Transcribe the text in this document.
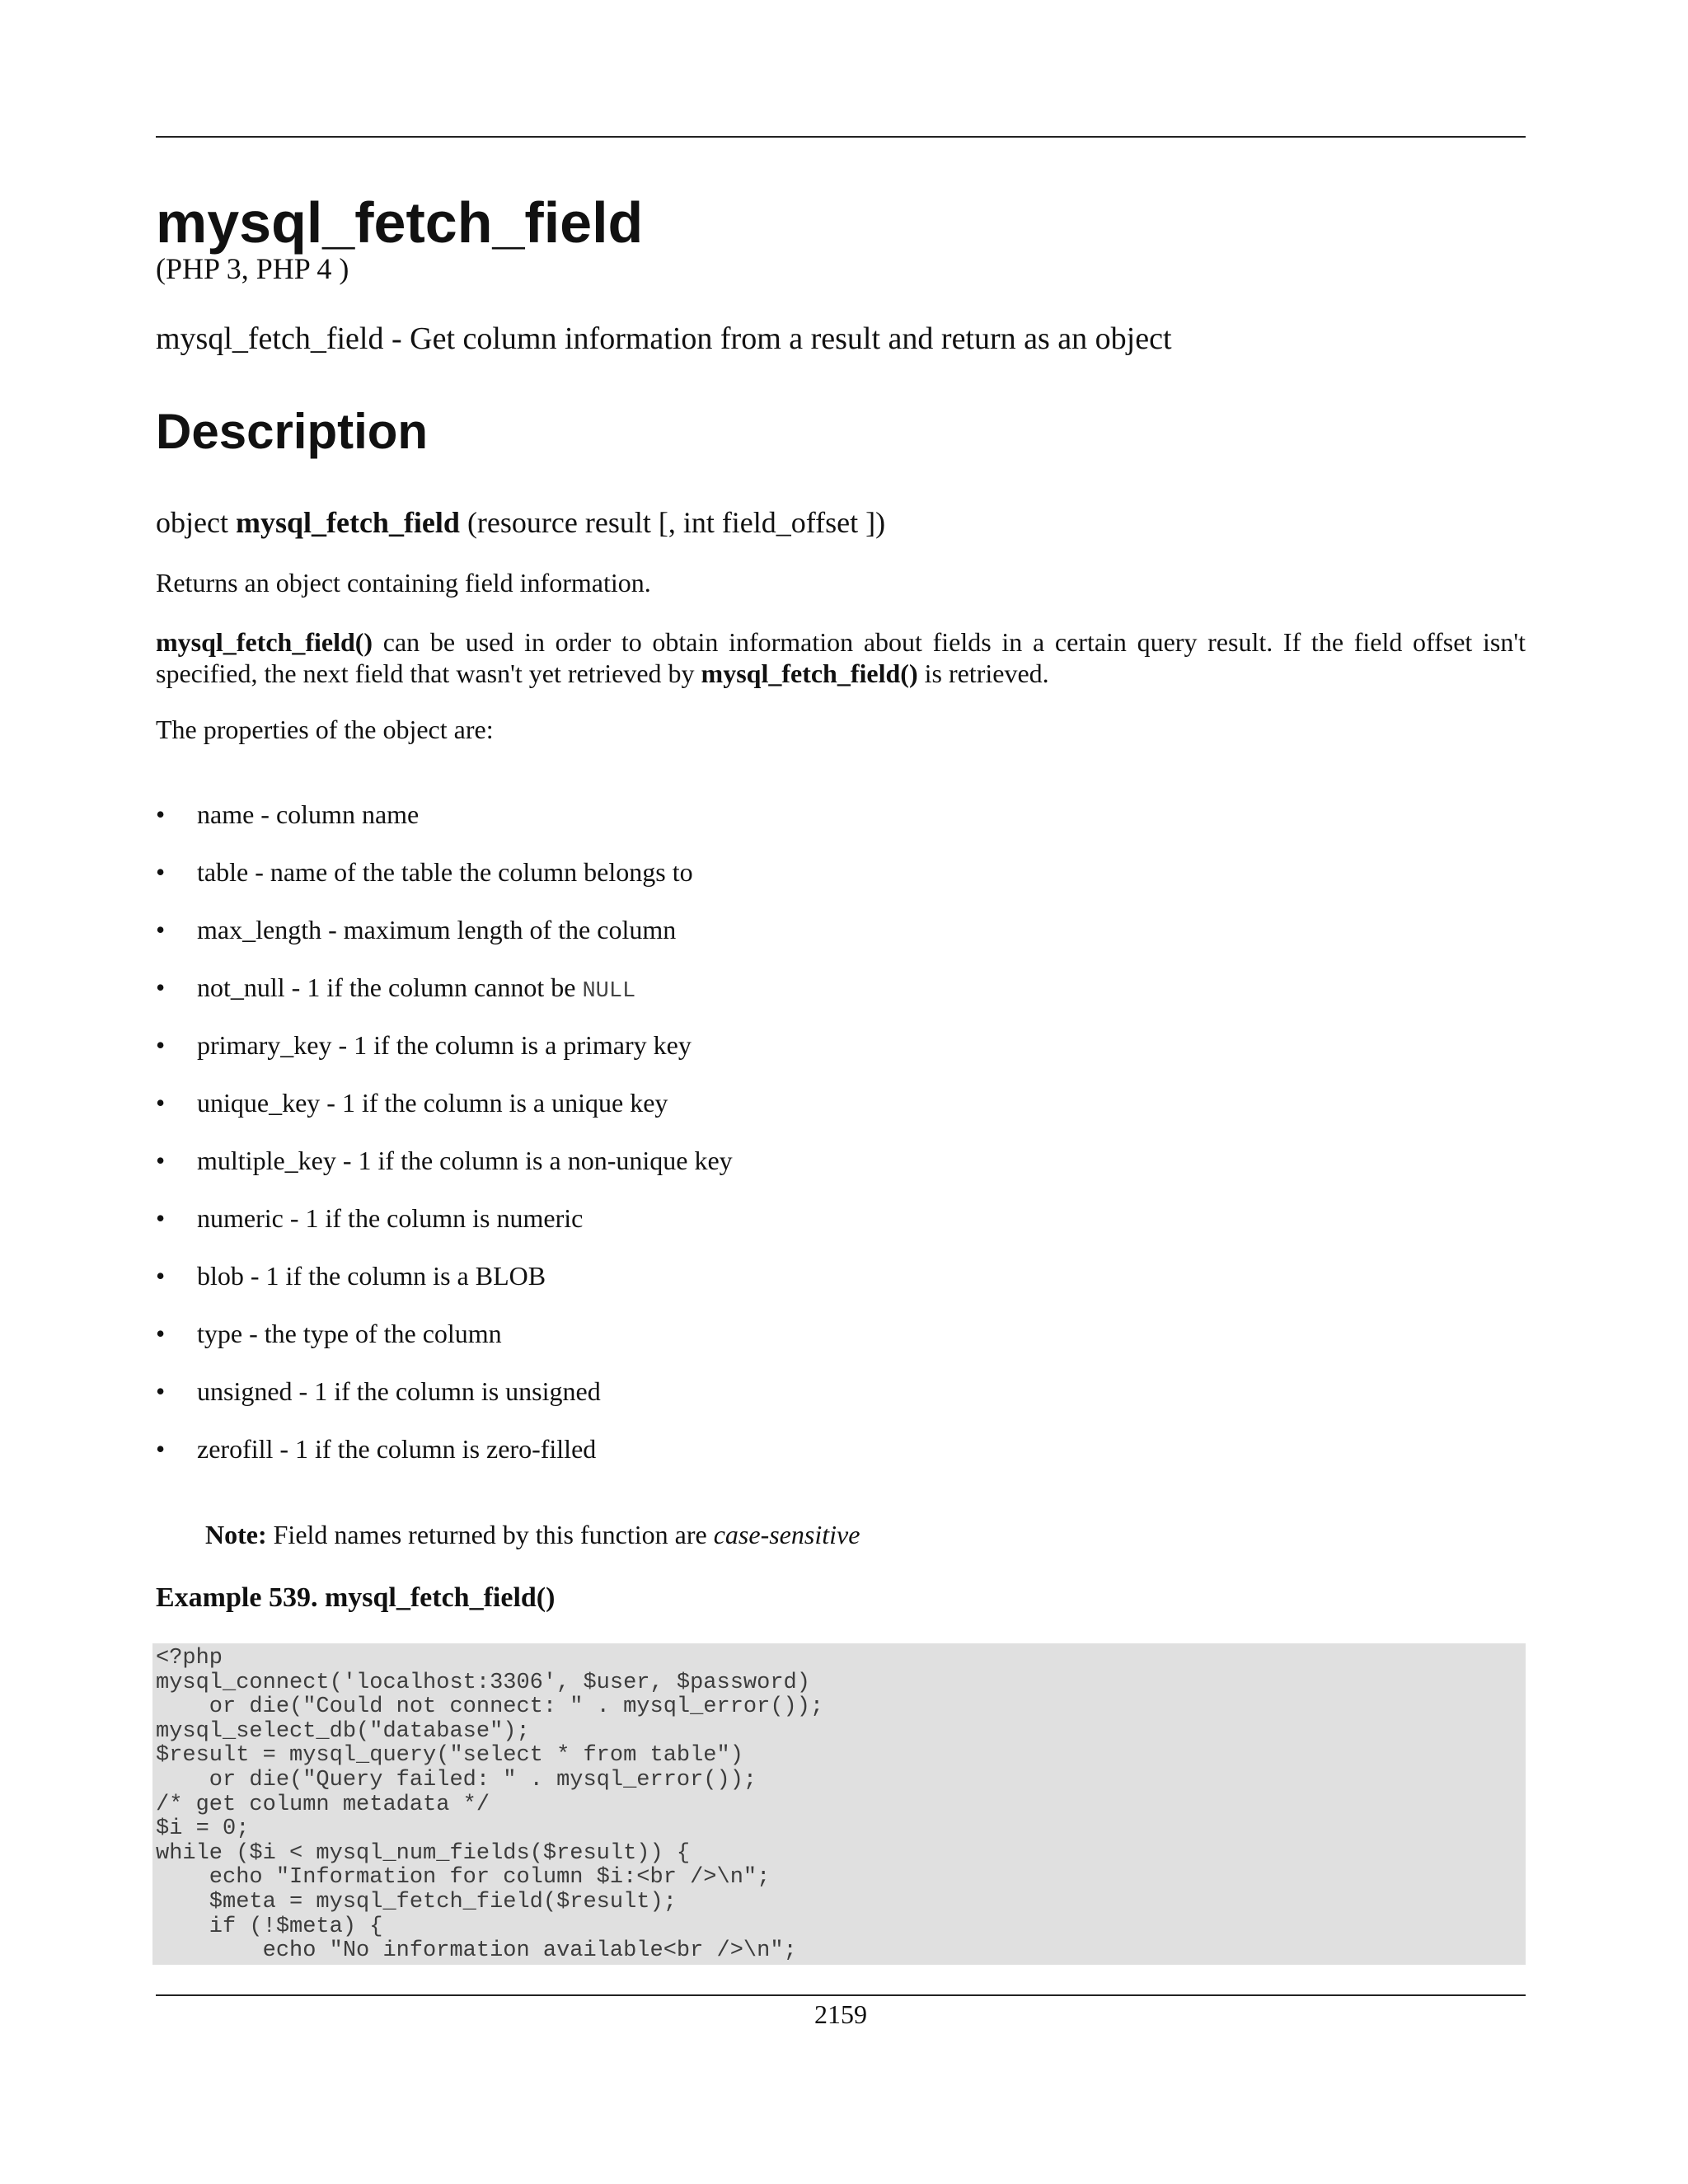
mysql_fetch_field
(PHP 3, PHP 4 )
mysql_fetch_field - Get column information from a result and return as an object
Description
object mysql_fetch_field (resource result [, int field_offset ])
Returns an object containing field information.
mysql_fetch_field() can be used in order to obtain information about fields in a certain query result. If the field offset isn't specified, the next field that wasn't yet retrieved by mysql_fetch_field() is retrieved.
The properties of the object are:
• name - column name
• table - name of the table the column belongs to
• max_length - maximum length of the column
• not_null - 1 if the column cannot be NULL
• primary_key - 1 if the column is a primary key
• unique_key - 1 if the column is a unique key
• multiple_key - 1 if the column is a non-unique key
• numeric - 1 if the column is numeric
• blob - 1 if the column is a BLOB
• type - the type of the column
• unsigned - 1 if the column is unsigned
• zerofill - 1 if the column is zero-filled
Note: Field names returned by this function are case-sensitive
Example 539. mysql_fetch_field()
<?php
mysql_connect('localhost:3306', $user, $password)
or die("Could not connect: " . mysql_error());
mysql_select_db("database");
$result = mysql_query("select * from table")
or die("Query failed: " . mysql_error());
/* get column metadata */
$i = 0;
while ($i < mysql_num_fields($result)) {
echo "Information for column $i:<br />\n";
$meta = mysql_fetch_field($result);
if (!$meta) {
echo "No information available<br />\n";
2159
